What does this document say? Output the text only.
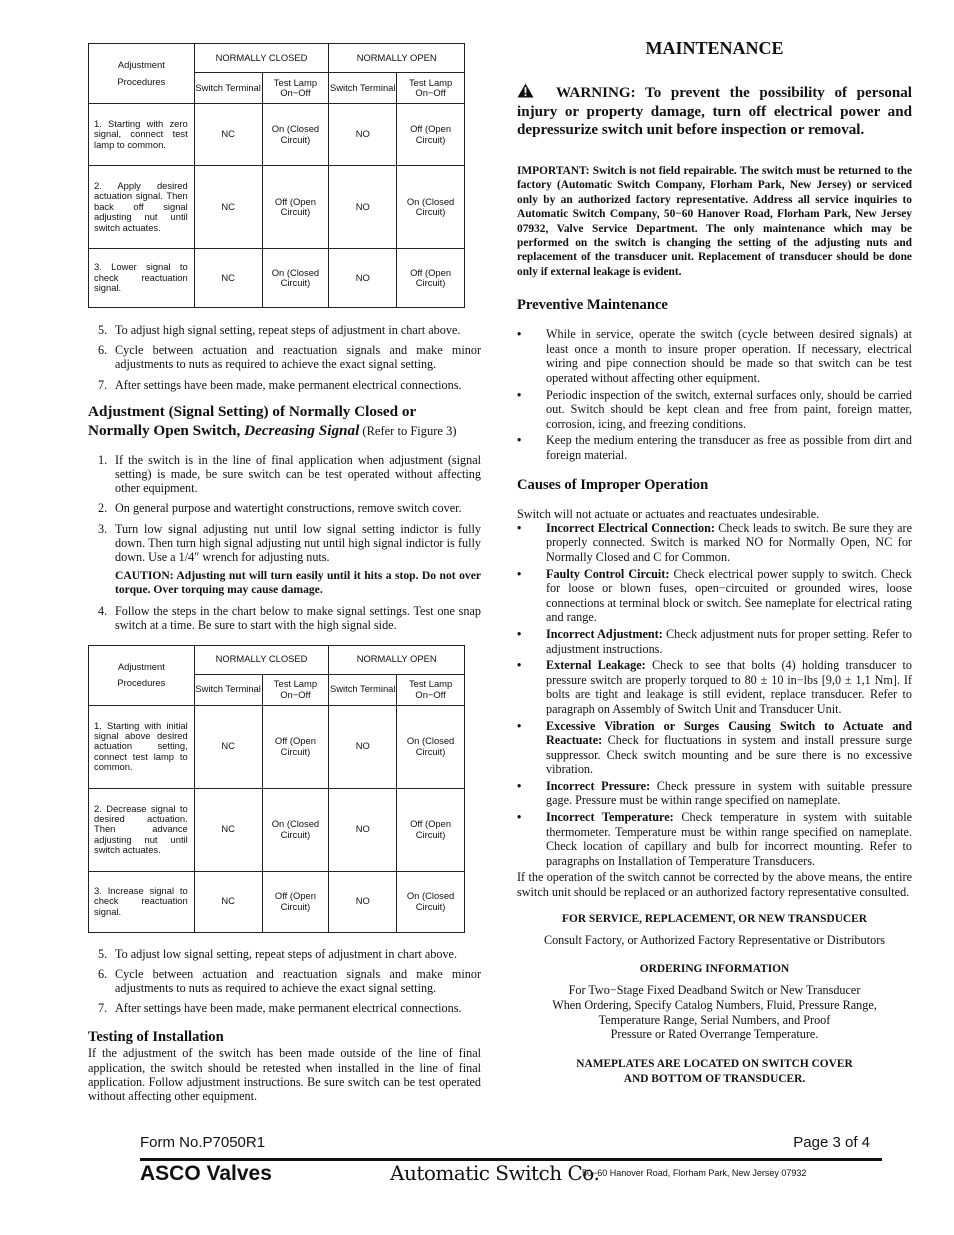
Adjustment
Procedures	NORMALLY CLOSED		NORMALLY OPEN	
	Switch Terminal	Test Lamp On−Off	Switch Terminal	Test Lamp On−Off
1. Starting with zero signal, connect test lamp to common.	NC	On (Closed Circuit)	NO	Off (Open Circuit)
2. Apply desired actuation signal. Then back off signal adjusting nut until switch actuates.	NC	Off (Open Circuit)	NO	On (Closed Circuit)
3. Lower signal to check reactuation signal.	NC	On (Closed Circuit)	NO	Off (Open Circuit)
5. To adjust high signal setting, repeat steps of adjustment in chart above.
6. Cycle between actuation and reactuation signals and make minor adjustments to nuts as required to achieve the exact signal setting.
7. After settings have been made, make permanent electrical connections.
Adjustment (Signal Setting) of Normally Closed or Normally Open Switch, Decreasing Signal (Refer to Figure 3)
1. If the switch is in the line of final application when adjustment (signal setting) is made, be sure switch can be test operated without affecting other equipment.
2. On general purpose and watertight constructions, remove switch cover.
3. Turn low signal adjusting nut until low signal setting indictor is fully down. Then turn high signal adjusting nut until high signal indictor is fully down. Use a 1/4″ wrench for adjusting nuts.
CAUTION: Adjusting nut will turn easily until it hits a stop. Do not over torque. Over torquing may cause damage.
4. Follow the steps in the chart below to make signal settings. Test one snap switch at a time. Be sure to start with the high signal side.
Adjustment
Procedures	NORMALLY CLOSED		NORMALLY OPEN	
	Switch Terminal	Test Lamp On−Off	Switch Terminal	Test Lamp On−Off
1. Starting with initial signal above desired actuation setting, connect test lamp to common.	NC	Off (Open Circuit)	NO	On (Closed Circuit)
2. Decrease signal to desired actuation. Then advance adjusting nut until switch actuates.	NC	On (Closed Circuit)	NO	Off (Open Circuit)
3. Increase signal to check reactuation signal.	NC	Off (Open Circuit)	NO	On (Closed Circuit)
5. To adjust low signal setting, repeat steps of adjustment in chart above.
6. Cycle between actuation and reactuation signals and make minor adjustments to nuts as required to achieve the exact signal setting.
7. After settings have been made, make permanent electrical connections.
Testing of Installation

If the adjustment of the switch has been made outside of the line of final application, the switch should be retested when installed in the line of final application. Follow adjustment instructions. Be sure switch can be test operated without affecting other equipment.

MAINTENANCE
WARNING: To prevent the possibility of personal injury or property damage, turn off electrical power and depressurize switch unit before inspection or removal.
IMPORTANT: Switch is not field repairable. The switch must be returned to the factory (Automatic Switch Company, Florham Park, New Jersey) or serviced only by an authorized factory representative. Address all service inquiries to Automatic Switch Company, 50−60 Hanover Road, Florham Park, New Jersey 07932, Valve Service Department. The only maintenance which may be performed on the switch is changing the setting of the adjusting nuts and replacement of the transducer unit. Replacement of transducer should be done only if external leakage is evident.
Preventive Maintenance
• While in service, operate the switch (cycle between desired signals) at least once a month to insure proper operation. If necessary, electrical wiring and pipe connection should be made so that switch can be test operated without affecting other equipment.
• Periodic inspection of the switch, external surfaces only, should be carried out. Switch should be kept clean and free from paint, foreign matter, corrosion, icing, and freezing conditions.
• Keep the medium entering the transducer as free as possible from dirt and foreign material.
Causes of Improper Operation

Switch will not actuate or actuates and reactuates undesirable.

• Incorrect Electrical Connection: Check leads to switch. Be sure they are properly connected. Switch is marked NO for Normally Open, NC for Normally Closed and C for Common.
• Faulty Control Circuit: Check electrical power supply to switch. Check for loose or blown fuses, open−circuited or grounded wires, loose connections at terminal block or switch. See nameplate for electrical rating and range.
• Incorrect Adjustment: Check adjustment nuts for proper setting. Refer to adjustment instructions.
• External Leakage: Check to see that bolts (4) holding transducer to pressure switch are properly torqued to 80 ± 10 in−lbs [9,0 ± 1,1 Nm]. If bolts are tight and leakage is still evident, replace transducer. Refer to paragraph on Assembly of Switch Unit and Transducer Unit.
• Excessive Vibration or Surges Causing Switch to Actuate and Reactuate: Check for fluctuations in system and install pressure surge suppressor. Check switch mounting and be sure there is no excessive vibration.
• Incorrect Pressure: Check pressure in system with suitable pressure gage. Pressure must be within range specified on nameplate.
• Incorrect Temperature: Check temperature in system with suitable thermometer. Temperature must be within range specified on nameplate. Check location of capillary and bulb for incorrect mounting. Refer to paragraphs on Installation of Temperature Transducers.

If the operation of the switch cannot be corrected by the above means, the entire switch unit should be replaced or an authorized factory representative consulted.

FOR SERVICE, REPLACEMENT, OR NEW TRANSDUCER
Consult Factory, or Authorized Factory Representative or Distributors
ORDERING INFORMATION
For Two−Stage Fixed Deadband Switch or New Transducer
When Ordering, Specify Catalog Numbers, Fluid, Pressure Range,
Temperature Range, Serial Numbers, and Proof
Pressure or Rated Overrange Temperature.
NAMEPLATES ARE LOCATED ON SWITCH COVER
AND BOTTOM OF TRANSDUCER.
Form No.P7050R1	Page 3 of 4
ASCO Valves	Automatic Switch Co.
50−60 Hanover Road, Florham Park, New Jersey 07932
